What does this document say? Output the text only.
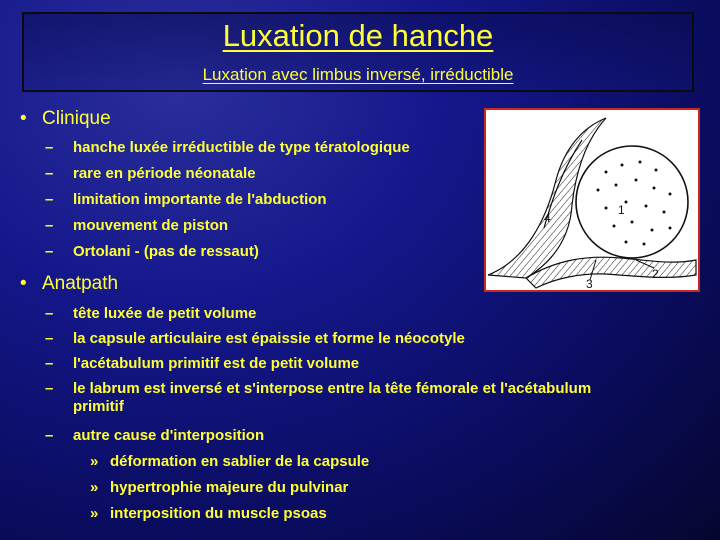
Luxation de hanche
Luxation avec limbus inversé, irréductible
• Clinique
– hanche luxée irréductible de type tératologique
– rare en période néonatale
– limitation importante de l'abduction
– mouvement de piston
– Ortolani - (pas de ressaut)
• Anatpath
– tête luxée de petit volume
– la capsule articulaire est épaissie et forme le néocotyle
– l'acétabulum primitif est de petit volume
– le labrum est inversé et s'interpose entre la tête fémorale et l'acétabulum primitif
– autre cause d'interposition
» déformation en sablier de la capsule
» hypertrophie majeure du pulvinar
» interposition du muscle psoas
1
2
3
4
